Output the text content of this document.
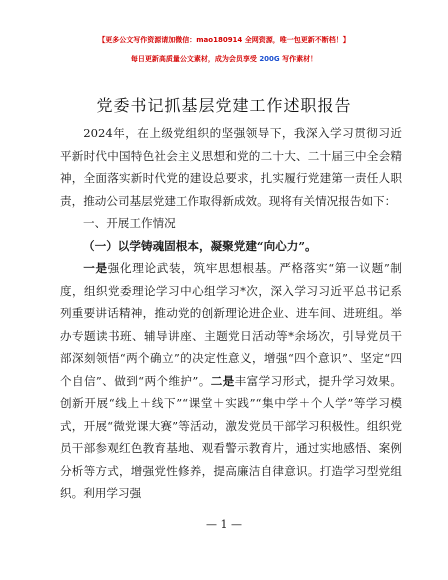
【更多公文写作资源请加微信：mao180914 全网资源，唯一包更新不断档！】
每日更新高质量公文素材，成为会员享受 200G 写作素材！
党委书记抓基层党建工作述职报告

2024年，在上级党组织的坚强领导下，我深入学习贯彻习近平新时代中国特色社会主义思想和党的二十大、二十届三中全会精神，全面落实新时代党的建设总要求，扎实履行党建第一责任人职责，推动公司基层党建工作取得新成效。现将有关情况报告如下：

一、开展工作情况
（一）以学铸魂固根本，凝聚党建“向心力”。

一是强化理论武装，筑牢思想根基。严格落实“第一议题”制度，组织党委理论学习中心组学习*次，深入学习习近平总书记系列重要讲话精神，推动党的创新理论进企业、进车间、进班组。举办专题读书班、辅导讲座、主题党日活动等*余场次，引导党员干部深刻领悟“两个确立”的决定性意义，增强“四个意识”、坚定“四个自信”、做到“两个维护”。二是丰富学习形式，提升学习效果。创新开展“线上＋线下”“课堂＋实践”“集中学＋个人学”等学习模式，开展“微党课大赛”等活动，激发党员干部学习积极性。组织党员干部参观红色教育基地、观看警示教育片，通过实地感悟、案例分析等方式，增强党性修养，提高廉洁自律意识。打造学习型党组织。利用学习强

— 1 —
